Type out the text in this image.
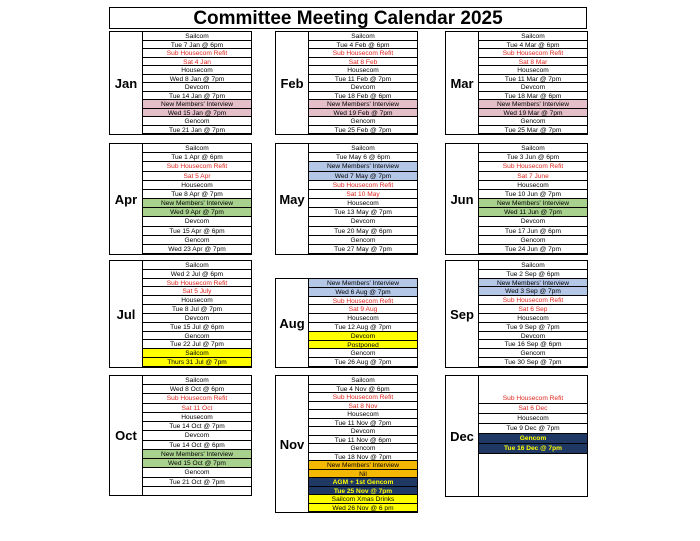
Committee Meeting Calendar 2025
Jan
Sailcom
Tue 7 Jan @ 6pm
Sub Housecom Refit
Sat 4 Jan
Housecom
Wed 8 Jan @ 7pm
Devcom
Tue 14 Jan @ 7pm
New Members' Interview
Wed 15 Jan @ 7pm
Gencom
Tue 21 Jan @ 7pm
Feb
Sailcom
Tue 4 Feb @ 6pm
Sub Housecom Refit
Sat 8 Feb
Housecom
Tue 11 Feb @ 7pm
Devcom
Tue 18 Feb @ 6pm
New Members' Interview
Wed 19 Feb @ 7pm
Gencom
Tue 25 Feb @ 7pm
Mar
Sailcom
Tue 4 Mar @ 6pm
Sub Housecom Refit
Sat 8 Mar
Housecom
Tue 11 Mar @ 7pm
Devcom
Tue 18 Mar @ 6pm
New Members' Interview
Wed 19 Mar @ 7pm
Gencom
Tue 25 Mar @ 7pm
Apr
Sailcom
Tue 1 Apr @ 6pm
Sub Housecom Refit
Sat 5 Apr
Housecom
Tue 8 Apr @ 7pm
New Members' Interview
Wed 9 Apr @ 7pm
Devcom
Tue 15 Apr @ 6pm
Gencom
Wed 23 Apr @ 7pm
May
Sailcom
Tue May 6 @ 6pm
New Members' Interview
Wed 7 May @ 7pm
Sub Housecom Refit
Sat 10 May
Housecom
Tue 13 May @ 7pm
Devcom
Tue 20 May @ 6pm
Gencom
Tue 27 May @ 7pm
Jun
Sailcom
Tue 3 Jun @ 6pm
Sub Housecom Refit
Sat 7 June
Housecom
Tue 10 Jun @ 7pm
New Members' Interview
Wed 11 Jun @ 7pm
Devcom
Tue 17 Jun @ 6pm
Gencom
Tue 24 Jun @ 7pm
Jul
Sailcom
Wed 2 Jul @ 6pm
Sub Housecom Refit
Sat 5 July
Housecom
Tue 8 Jul @ 7pm
Devcom
Tue 15 Jul @ 6pm
Gencom
Tue 22 Jul @ 7pm
Sailcom
Thurs 31 Jul @ 7pm
Aug
New Members' Interview
Wed 6 Aug @ 7pm
Sub Housecom Refit
Sat 9 Aug
Housecom
Tue 12 Aug @ 7pm
Devcom
Postponed
Gencom
Tue 26 Aug @ 7pm
Sep
Sailcom
Tue 2 Sep @ 6pm
New Members' Interview
Wed 3 Sep @ 7pm
Sub Housecom Refit
Sat 6 Sep
Housecom
Tue 9 Sep @ 7pm
Devcom
Tue 16 Sep @ 6pm
Gencom
Tue 30 Sep @ 7pm
Oct
Sailcom
Wed 8 Oct @ 6pm
Sub Housecom Refit
Sat 11 Oct
Housecom
Tue 14 Oct @ 7pm
Devcom
Tue 14 Oct @ 6pm
New Members' Interview
Wed 15 Oct @ 7pm
Gencom
Tue 21 Oct @ 7pm
Nov
Sailcom
Tue 4 Nov @ 6pm
Sub Housecom Refit
Sat 8 Nov
Housecom
Tue 11 Nov @ 7pm
Devcom
Tue 11 Nov @ 6pm
Gencom
Tue 18 Nov @ 7pm
New Members' Interview
Nil
AGM + 1st Gencom
Tue 25 Nov @ 7pm
Sailcom Xmas Drinks
Wed 26 Nov @ 6 pm
Dec
Sub Housecom Refit
Sat 6 Dec
Housecom
Tue 9 Dec @ 7pm
Gencom
Tue 16 Dec @ 7pm
